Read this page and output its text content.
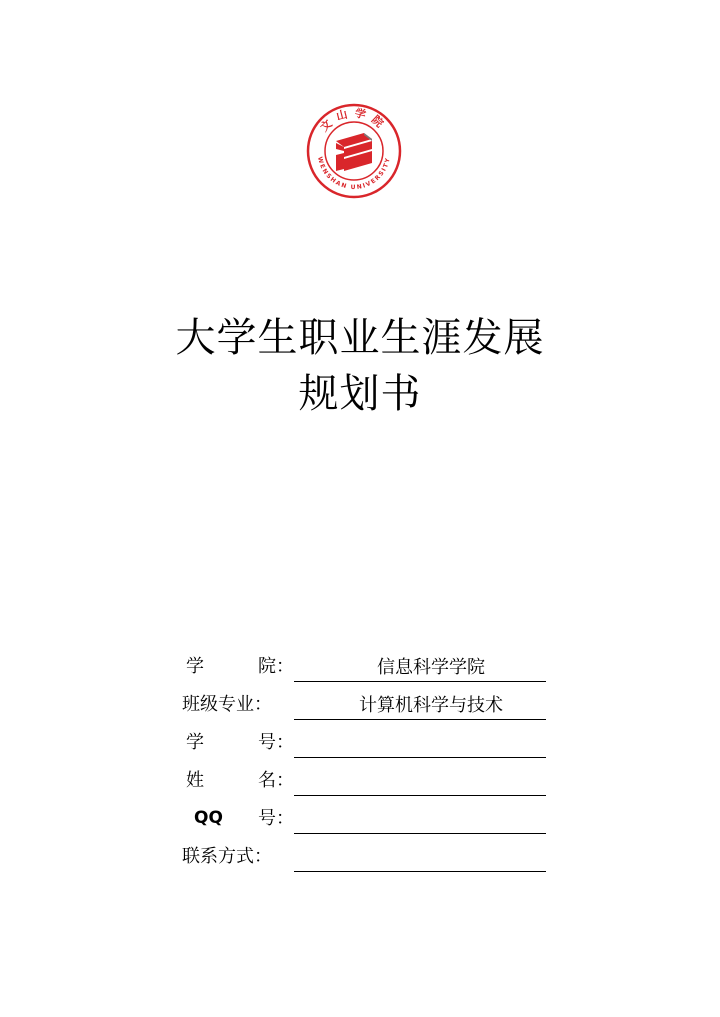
文山学院
WENSHAN UNIVERSITY
大学生职业生涯发展
规划书
学	院 ：	信息科学学院
班级专业 ：	计算机科学与技术
学	号 ：
姓	名 ：
QQ 号 ：
联系方式 ：
